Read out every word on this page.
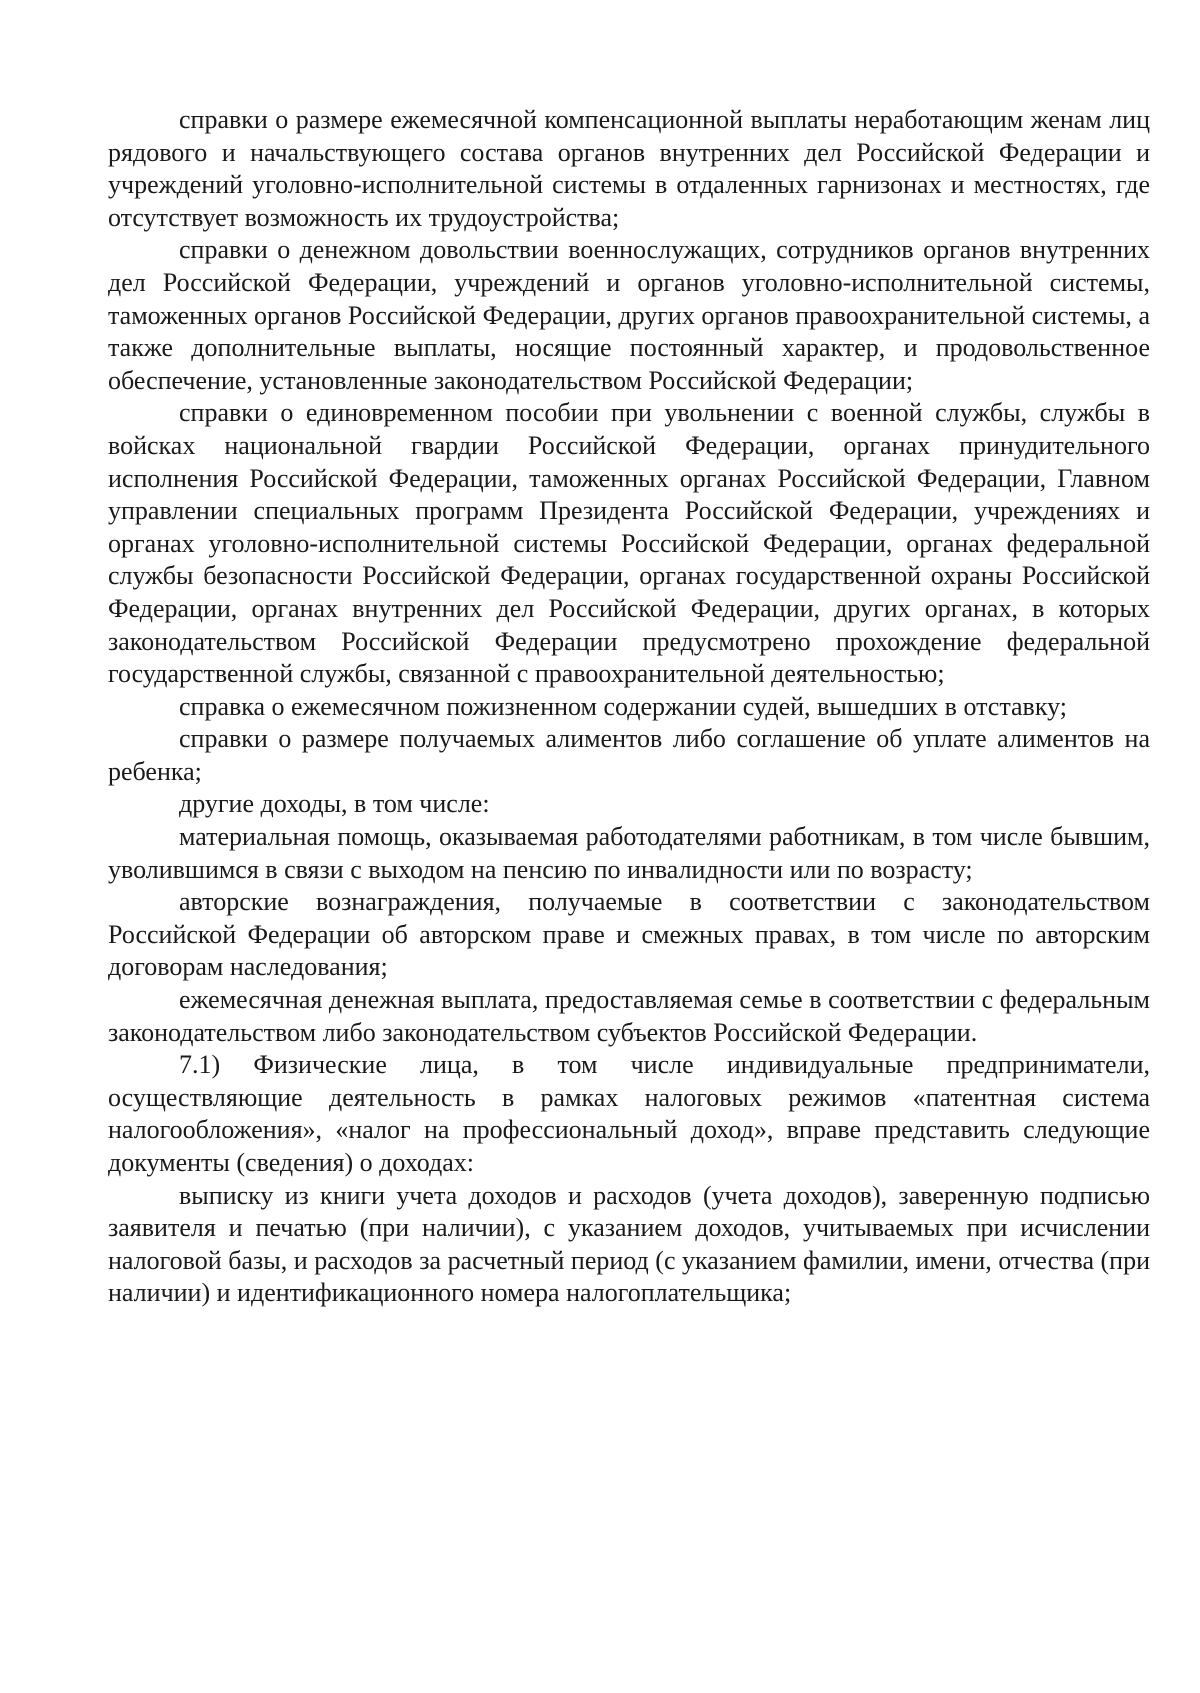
справки о размере ежемесячной компенсационной выплаты неработающим женам лиц рядового и начальствующего состава органов внутренних дел Российской Федерации и учреждений уголовно-исполнительной системы в отдаленных гарнизонах и местностях, где отсутствует возможность их трудоустройства;

справки о денежном довольствии военнослужащих, сотрудников органов внутренних дел Российской Федерации, учреждений и органов уголовно-исполнительной системы, таможенных органов Российской Федерации, других органов правоохранительной системы, а также дополнительные выплаты, носящие постоянный характер, и продовольственное обеспечение, установленные законодательством Российской Федерации;

справки о единовременном пособии при увольнении с военной службы, службы в войсках национальной гвардии Российской Федерации, органах принудительного исполнения Российской Федерации, таможенных органах Российской Федерации, Главном управлении специальных программ Президента Российской Федерации, учреждениях и органах уголовно-исполнительной системы Российской Федерации, органах федеральной службы безопасности Российской Федерации, органах государственной охраны Российской Федерации, органах внутренних дел Российской Федерации, других органах, в которых законодательством Российской Федерации предусмотрено прохождение федеральной государственной службы, связанной с правоохранительной деятельностью;

справка о ежемесячном пожизненном содержании судей, вышедших в отставку;

справки о размере получаемых алиментов либо соглашение об уплате алиментов на ребенка;

другие доходы, в том числе:

материальная помощь, оказываемая работодателями работникам, в том числе бывшим, уволившимся в связи с выходом на пенсию по инвалидности или по возрасту;

авторские вознаграждения, получаемые в соответствии с законодательством Российской Федерации об авторском праве и смежных правах, в том числе по авторским договорам наследования;

ежемесячная денежная выплата, предоставляемая семье в соответствии с федеральным законодательством либо законодательством субъектов Российской Федерации.

7.1) Физические лица, в том числе индивидуальные предприниматели, осуществляющие деятельность в рамках налоговых режимов «патентная система налогообложения», «налог на профессиональный доход», вправе представить следующие документы (сведения) о доходах:

выписку из книги учета доходов и расходов (учета доходов), заверенную подписью заявителя и печатью (при наличии), с указанием доходов, учитываемых при исчислении налоговой базы, и расходов за расчетный период (с указанием фамилии, имени, отчества (при наличии) и идентификационного номера налогоплательщика;
